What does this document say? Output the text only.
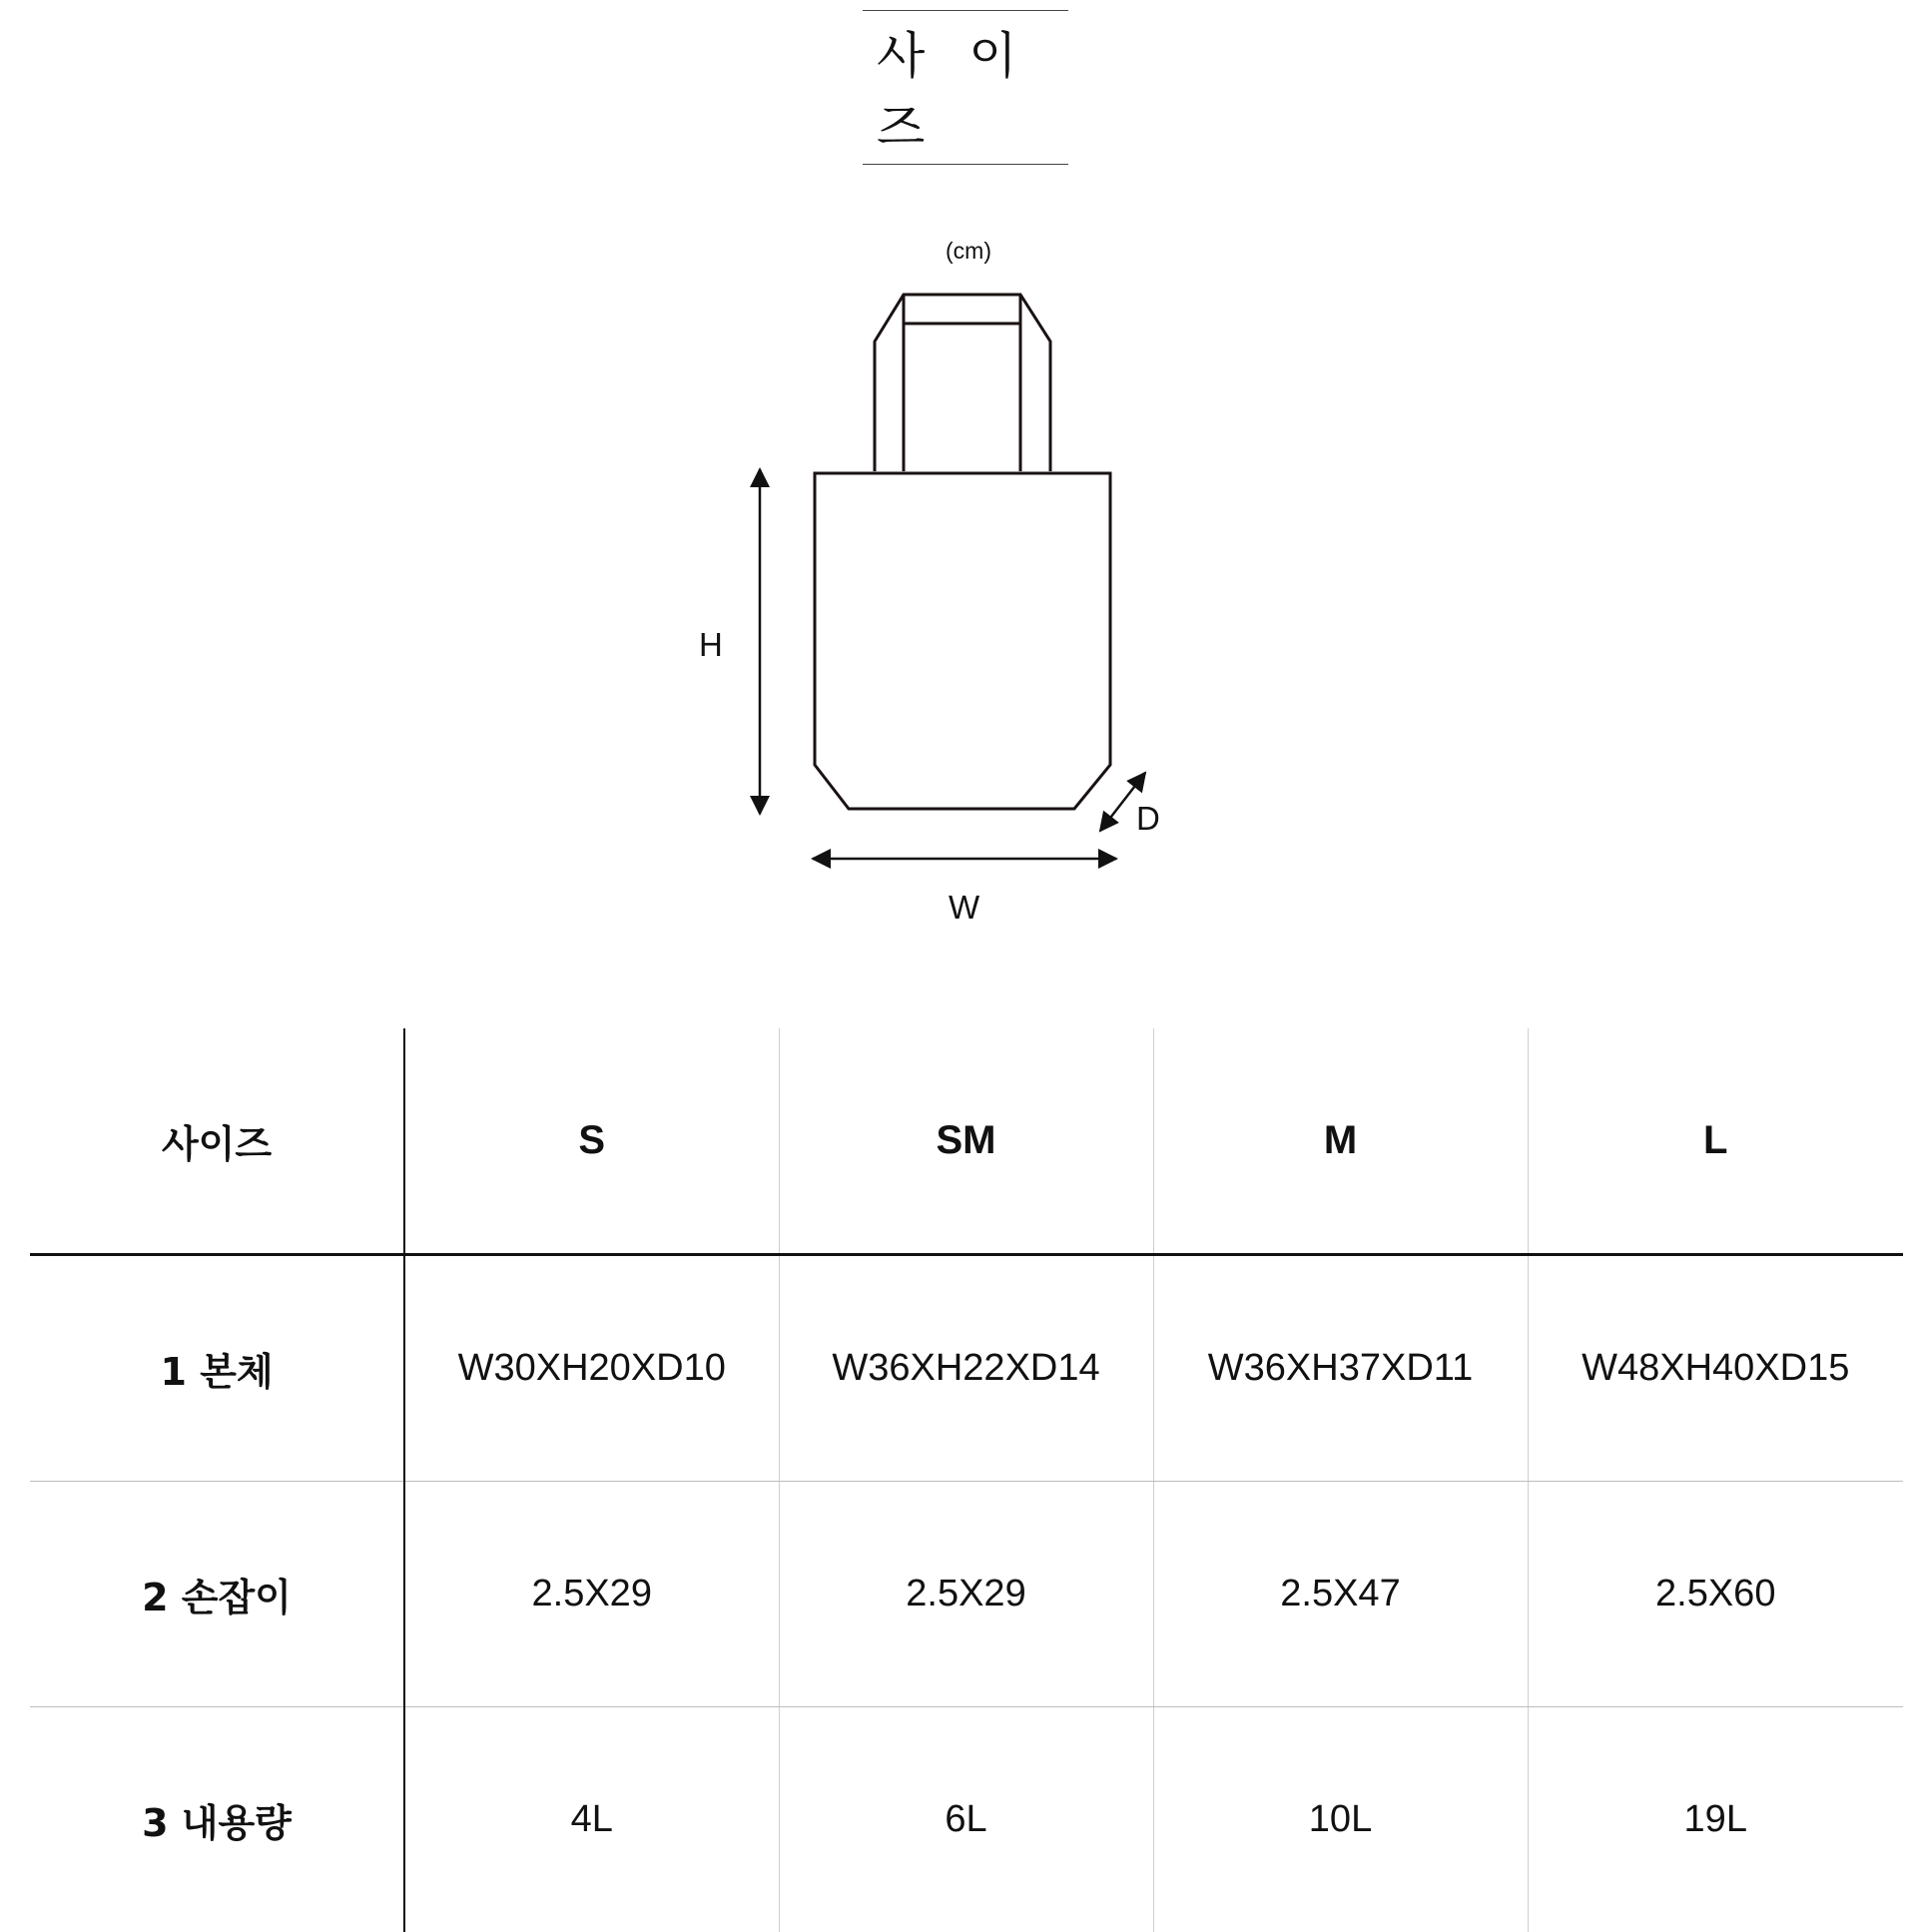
사 이 즈
(cm)
H
W
D
사이즈	S	SM	M	L
1 본체	W30XH20XD10	W36XH22XD14	W36XH37XD11	W48XH40XD15
2 손잡이	2.5X29	2.5X29	2.5X47	2.5X60
3 내용량	4L	6L	10L	19L
